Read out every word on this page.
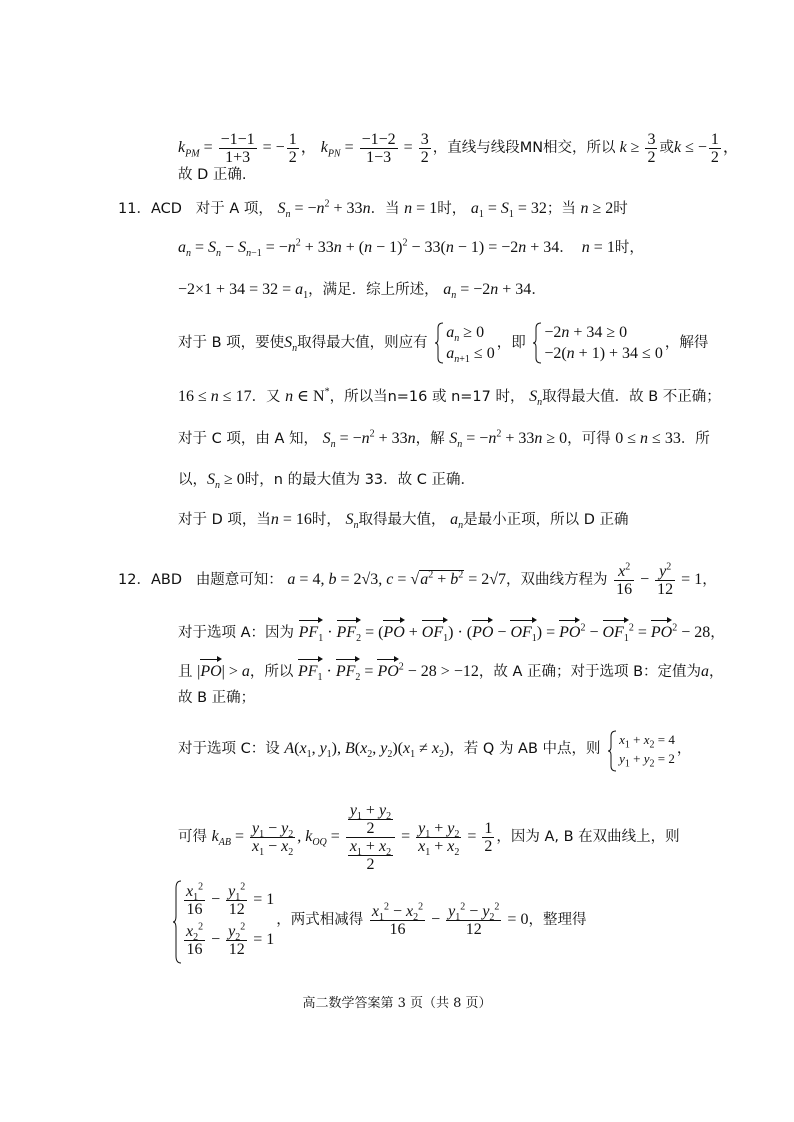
$k_{PM} = \frac{-1-1}{1+3}$ = − $\frac{1}{2}$ ， $k_{PN} = \frac{-1-2}{1-3} = \frac{3}{2}$ ，直线与线段MN相交，所以 $k \ge \frac{3}{2}$ 或k ≤ − $\frac{1}{2}$ ，
故 D 正确.
11．ACD 对于 A 项， $S_n = -n^2 + 33n$．当 n = 1时， $a_1 = S_1 = 32$；当 n ≥ 2时
$a_n = S_n - S_{n-1} = -n^2 + 33n + (n - 1)^2 - 33(n - 1) = -2n + 34$． n = 1时，
$-2\times 1 + 34 = 32 = a_1$，满足．综上所述， $a_n = -2n + 34$．
对于 B 项，要使$S_n$取得最大值，则应有
$a_n \ge 0$
$a_{n+1} \le 0$
，即
−2n + 34 ≥ 0
−2(n + 1) + 34 ≤ 0
，解得
16 ≤ n ≤ 17．又 n ∈ N*，所以当n=16 或 n=17 时， $S_n$取得最大值．故 B 不正确；
对于 C 项，由 A 知， $S_n = -n^2 + 33n$，解 $S_n = -n^2 + 33n \ge 0$，可得 0 ≤ n ≤ 33．所
以，$S_n \ge 0$时，n 的最大值为 33．故 C 正确．
对于 D 项，当n = 16时， $S_n$取得最大值， $a_n$是最小正项，所以 D 正确
12．ABD 由题意可知： a = 4, b = 2√3, $c = √a^2 + b^2 = 2√7$，双曲线方程为 $\frac{x^2}{16} - \frac{y^2}{12} = 1$，
对于选项 A：因为 $PF_1 \cdot PF_2 = (PO + OF_1) \cdot (PO - OF_1) = PO^2 - OF_1^2 = PO^2 - 28$，
且 |PO| > a，所以 $PF_1 \cdot PF_2 = PO^2 - 28 > -12$，故 A 正确；对于选项 B：定值为a，
故 B 正确；
对于选项 C：设 $A(x_1$, $y_1$), $B(x_2$, $y_2)(x_1 \ne x_2)$，若 Q 为 AB 中点，则
$x_1 + x_2 = 4$
$y_1 + y_2 = 2$
，
可得 $k_{AB} = \frac{y_1 - y_2}{x_1 - x_2}$ , $k_{OQ} = \frac{\frac{y_1 + y_2}{2}}{\frac{x_1 + x_2}{2}} = \frac{y_1 + y_2}{x_1 + x_2} = \frac{1}{2}$ ，因为 A, B 在双曲线上，则
$\frac{x_1^2}{16} - \frac{y_1^2}{12} = 1$
$\frac{x_2^2}{16} - \frac{y_2^2}{12} = 1$
，两式相减得 $\frac{x_1^2 - x_2^2}{16} - \frac{y_1^2 - y_2^2}{12} = 0$，整理得
高二数学答案第 3 页（共 8 页）
